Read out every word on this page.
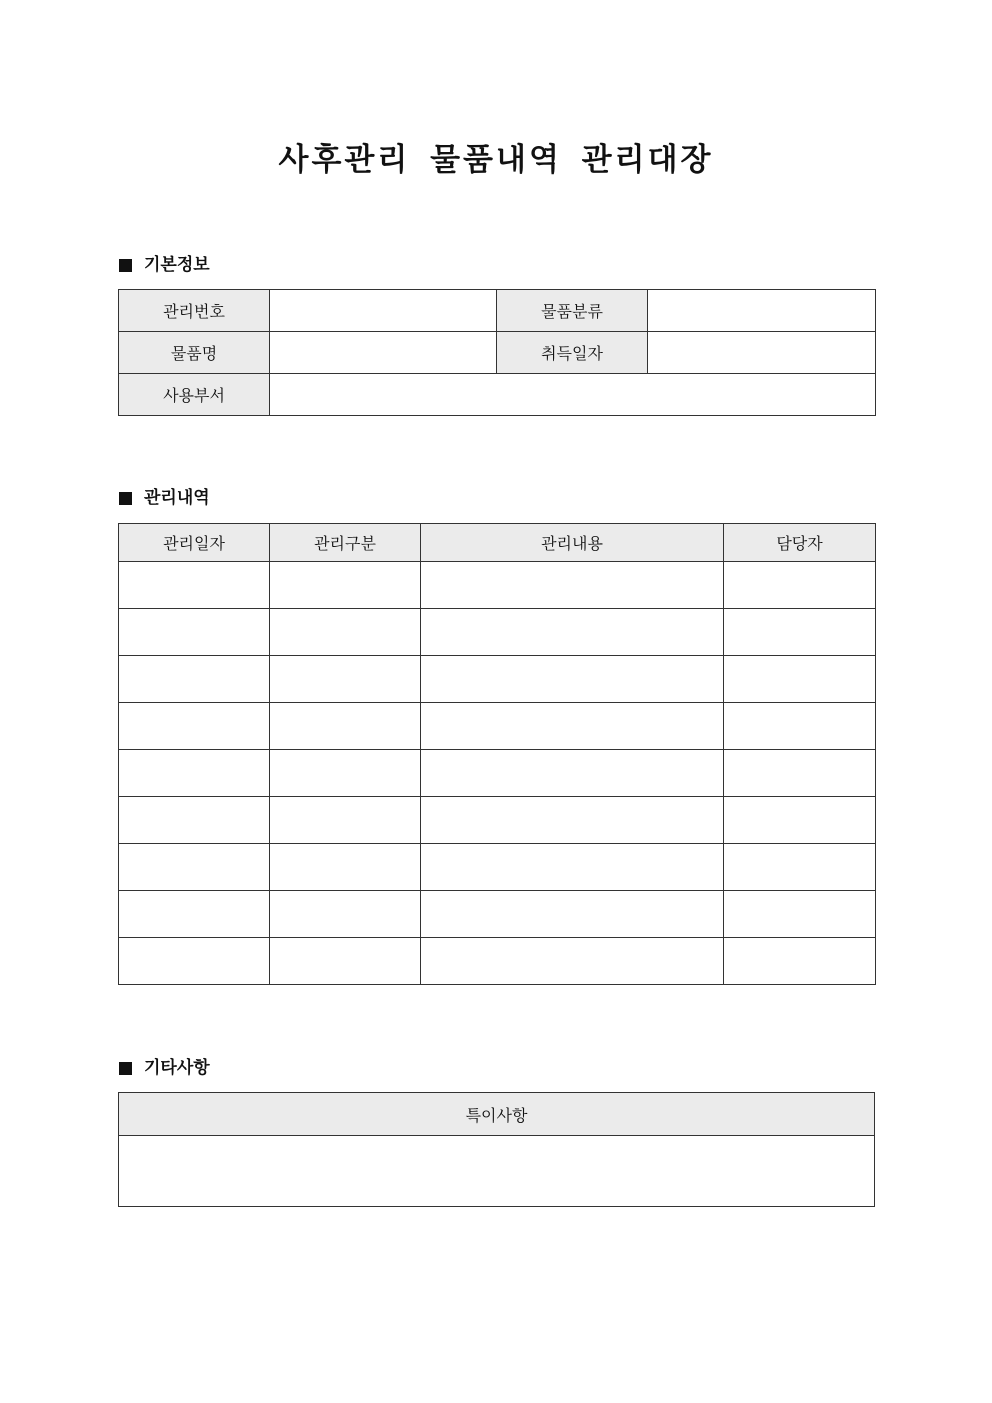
사후관리 물품내역 관리대장
기본정보
관리번호		물품분류	
물품명		취득일자	
사용부서			
관리내역
관리일자	관리구분	관리내용	담당자

기타사항
특이사항
